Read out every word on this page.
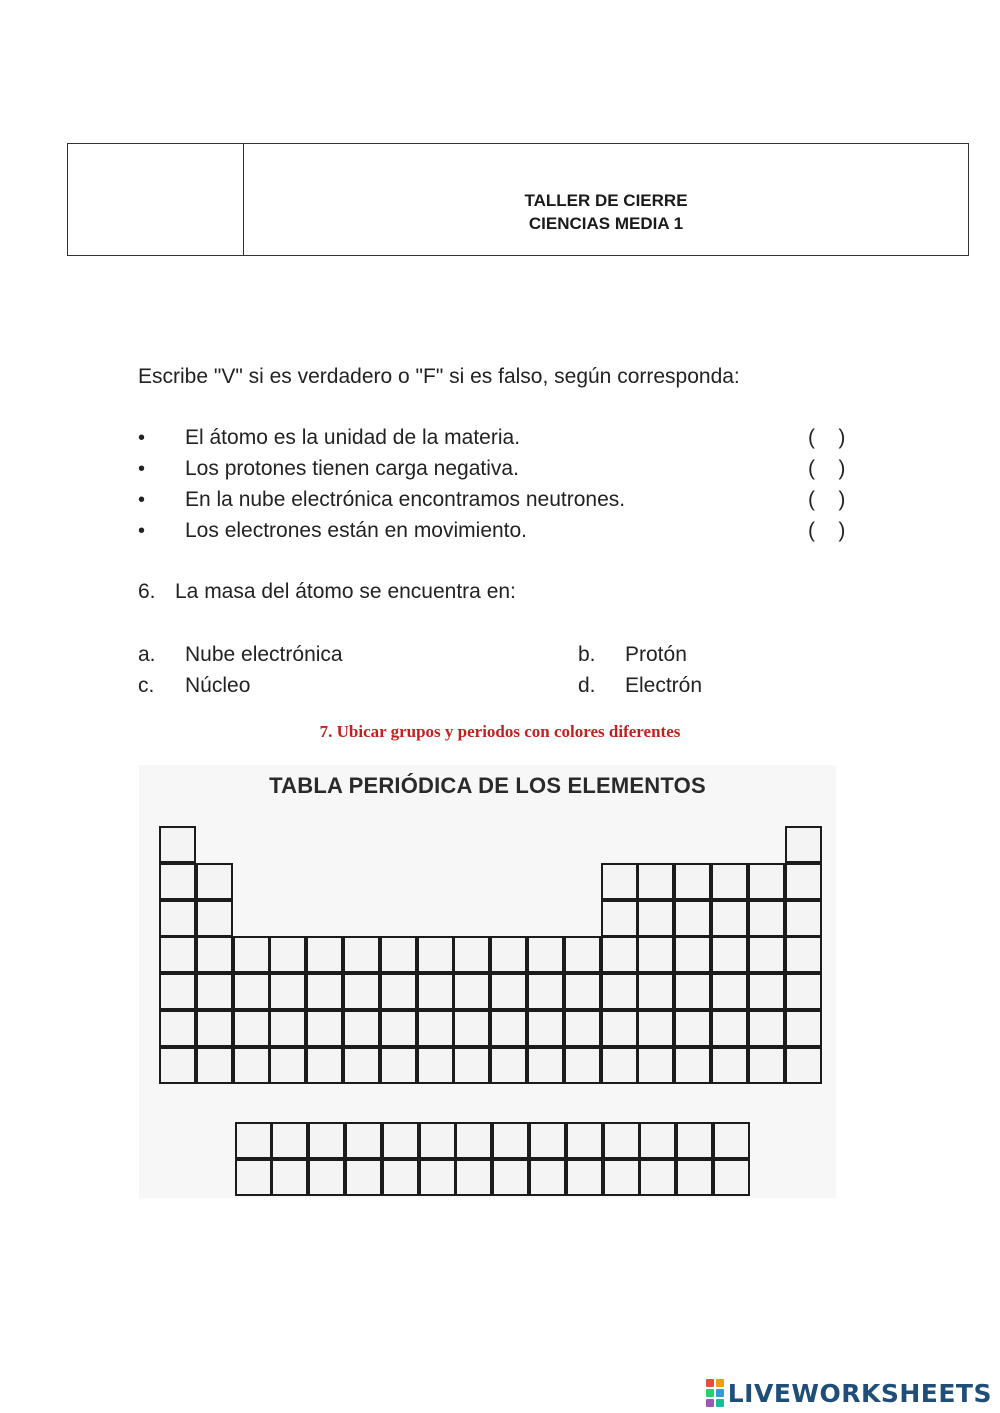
TALLER DE CIERRE
CIENCIAS MEDIA 1
Escribe "V" si es verdadero o "F" si es falso, según corresponda:
•	El átomo es la unidad de la materia.	(    )
•	Los protones tienen carga negativa.	(    )
•	En la nube electrónica encontramos neutrones.	(    )
•	Los electrones están en movimiento.	(    )
6. La masa del átomo se encuentra en:
a. Nube electrónica	b. Protón
c. Núcleo	d. Electrón
7. Ubicar grupos y periodos con colores diferentes
TABLA PERIÓDICA DE LOS ELEMENTOS
LIVEWORKSHEETS
